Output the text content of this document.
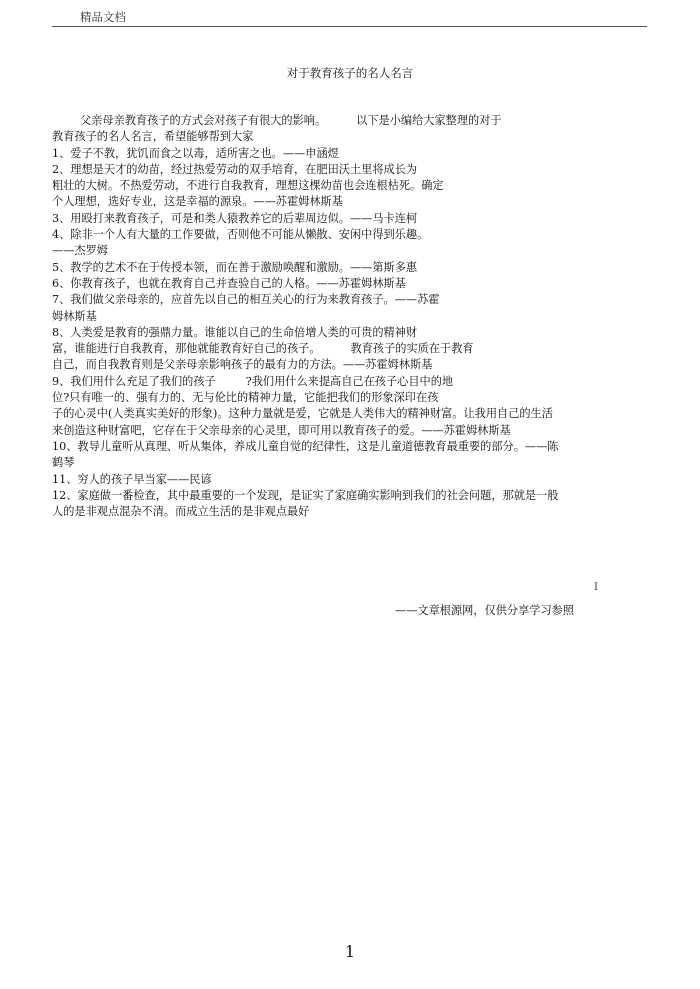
精品文档
对于教育孩子的名人名言
父亲母亲教育孩子的方式会对孩子有很大的影响。	以下是小编给大家整理的对于
教育孩子的名人名言，希望能够帮到大家
1、爱子不教，犹饥而食之以毒，适所害之也。——申涵煜
2、理想是天才的幼苗，经过热爱劳动的双手培育，在肥田沃土里将成长为
粗壮的大树。不热爱劳动，不进行自我教育，理想这棵幼苗也会连根枯死。确定
个人理想，选好专业，这是幸福的源泉。——苏霍姆林斯基
3、用殴打来教育孩子，可是和类人猿教养它的后辈周边似。——马卡连柯
4、除非一个人有大量的工作要做，否则他不可能从懒散、安闲中得到乐趣。
——杰罗姆
5、教学的艺术不在于传授本领，而在善于激励唤醒和激励。——第斯多惠
6、你教育孩子，也就在教育自己并查验自己的人格。——苏霍姆林斯基
7、我们做父亲母亲的，应首先以自己的相互关心的行为来教育孩子。——苏霍
姆林斯基
8、人类爱是教育的强鼎力量。谁能以自己的生命倍增人类的可贵的精神财
富，谁能进行自我教育，那他就能教育好自己的孩子。	教育孩子的实质在于教育
自己，而自我教育则是父亲母亲影响孩子的最有力的方法。——苏霍姆林斯基
9、我们用什么充足了我们的孩子	?我们用什么来提高自己在孩子心目中的地
位?只有唯一的、强有力的、无与伦比的精神力量，它能把我们的形象深印在孩
子的心灵中(人类真实美好的形象)。这种力量就是爱，它就是人类伟大的精神财富。让我用自己的生活
来创造这种财富吧，它存在于父亲母亲的心灵里，即可用以教育孩子的爱。——苏霍姆林斯基
10、教导儿童听从真理、听从集体，养成儿童自觉的纪律性，这是儿童道德教育最重要的部分。——陈
鹤琴
11、穷人的孩子早当家——民谚
12、家庭做一番检查，其中最重要的一个发现，是证实了家庭确实影响到我们的社会问题，那就是一般
人的是非观点混杂不清。而成立生活的是非观点最好
I
——文章根源网，仅供分享学习参照
1
